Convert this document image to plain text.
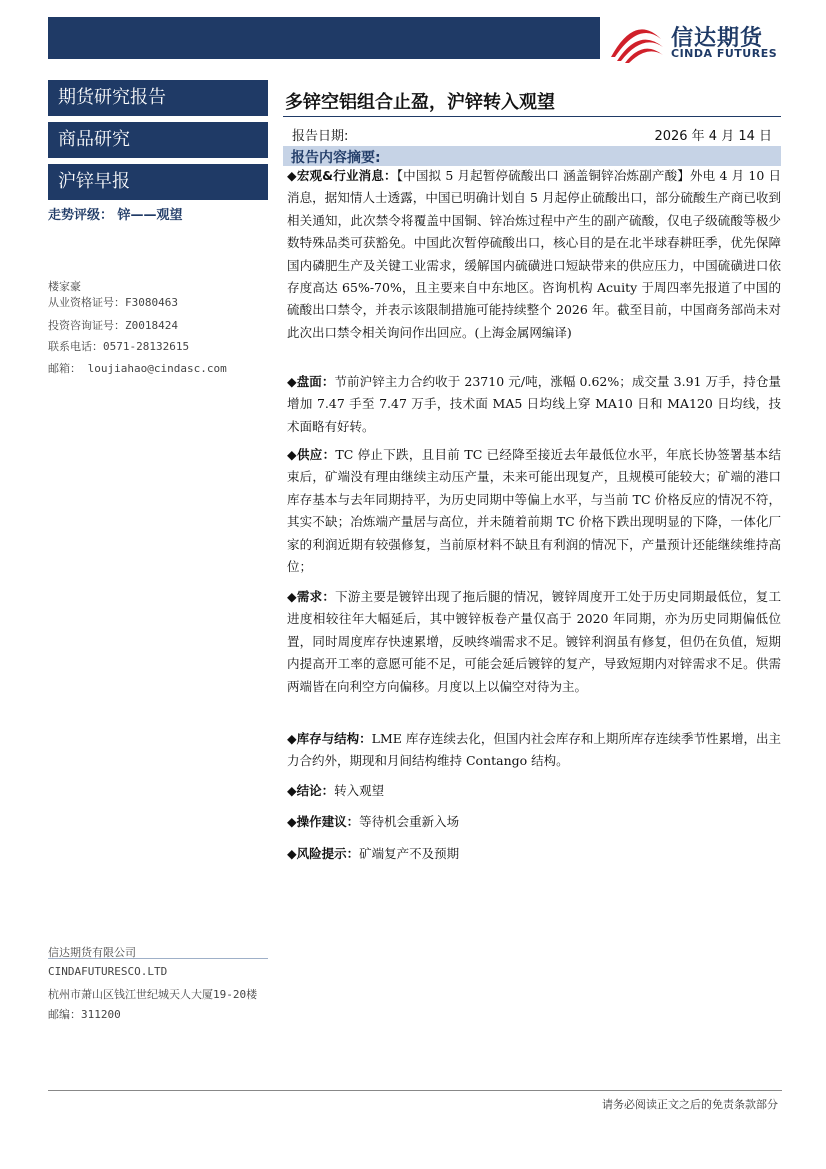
信达期货
CINDA FUTURES
期货研究报告
商品研究
沪锌早报
走势评级： 锌——观望
楼家豪
从业资格证号：F3080463
投资咨询证号：Z0018424
联系电话：0571-28132615
邮箱： loujiahao@cindasc.com
信达期货有限公司
CINDAFUTURESCO.LTD
杭州市萧山区钱江世纪城天人大厦19-20楼
邮编：311200
多锌空铝组合止盈，沪锌转入观望
报告日期:	2026 年 4 月 14 日
报告内容摘要:
◆宏观&行业消息：【中国拟 5 月起暂停硫酸出口 涵盖铜锌冶炼副产酸】外电 4 月 10 日消息，据知情人士透露，中国已明确计划自 5 月起停止硫酸出口，部分硫酸生产商已收到相关通知，此次禁令将覆盖中国铜、锌冶炼过程中产生的副产硫酸，仅电子级硫酸等极少数特殊品类可获豁免。中国此次暂停硫酸出口，核心目的是在北半球春耕旺季，优先保障国内磷肥生产及关键工业需求，缓解国内硫磺进口短缺带来的供应压力，中国硫磺进口依存度高达 65%-70%，且主要来自中东地区。咨询机构 Acuity 于周四率先报道了中国的硫酸出口禁令，并表示该限制措施可能持续整个 2026 年。截至目前，中国商务部尚未对此次出口禁令相关询问作出回应。(上海金属网编译)
◆盘面：节前沪锌主力合约收于 23710 元/吨，涨幅 0.62%；成交量 3.91 万手，持仓量增加 7.47 手至 7.47 万手，技术面 MA5 日均线上穿 MA10 日和 MA120 日均线，技术面略有好转。
◆供应：TC 停止下跌，且目前 TC 已经降至接近去年最低位水平，年底长协签署基本结束后，矿端没有理由继续主动压产量，未来可能出现复产，且规模可能较大；矿端的港口库存基本与去年同期持平，为历史同期中等偏上水平，与当前 TC 价格反应的情况不符，其实不缺；冶炼端产量居与高位，并未随着前期 TC 价格下跌出现明显的下降，一体化厂家的利润近期有较强修复，当前原材料不缺且有利润的情况下，产量预计还能继续维持高位；
◆需求：下游主要是镀锌出现了拖后腿的情况，镀锌周度开工处于历史同期最低位，复工进度相较往年大幅延后，其中镀锌板卷产量仅高于 2020 年同期，亦为历史同期偏低位置，同时周度库存快速累增，反映终端需求不足。镀锌利润虽有修复，但仍在负值，短期内提高开工率的意愿可能不足，可能会延后镀锌的复产，导致短期内对锌需求不足。供需两端皆在向利空方向偏移。月度以上以偏空对待为主。
◆库存与结构：LME 库存连续去化，但国内社会库存和上期所库存连续季节性累增，出主力合约外，期现和月间结构维持 Contango 结构。
◆结论：转入观望
◆操作建议：等待机会重新入场
◆风险提示：矿端复产不及预期
请务必阅读正文之后的免责条款部分
